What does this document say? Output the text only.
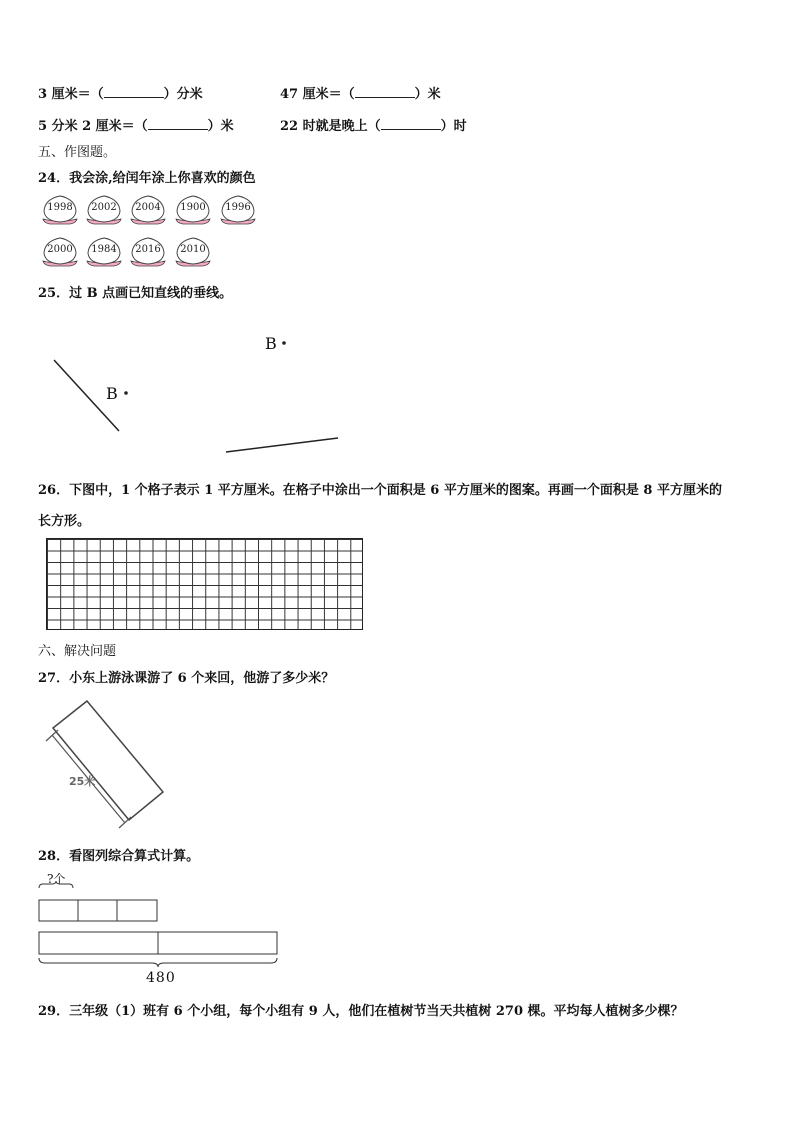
3 厘米＝（	）分米	47 厘米＝（	）米
5 分米 2 厘米＝（	）米	22 时就是晚上（	）时
五、作图题。
24．我会涂,给闰年涂上你喜欢的颜色
1998	2002	2004	1900	1996
2000	1984	2016	2010
25．过 B 点画已知直线的垂线。
B
B
26．下图中，1 个格子表示 1 平方厘米。在格子中涂出一个面积是 6 平方厘米的图案。再画一个面积是 8 平方厘米的
长方形。
六、解决问题
27．小东上游泳课游了 6 个来回，他游了多少米？
25米
28．看图列综合算式计算。
?个
480
29．三年级（1）班有 6 个小组，每个小组有 9 人，他们在植树节当天共植树 270 棵。平均每人植树多少棵？
